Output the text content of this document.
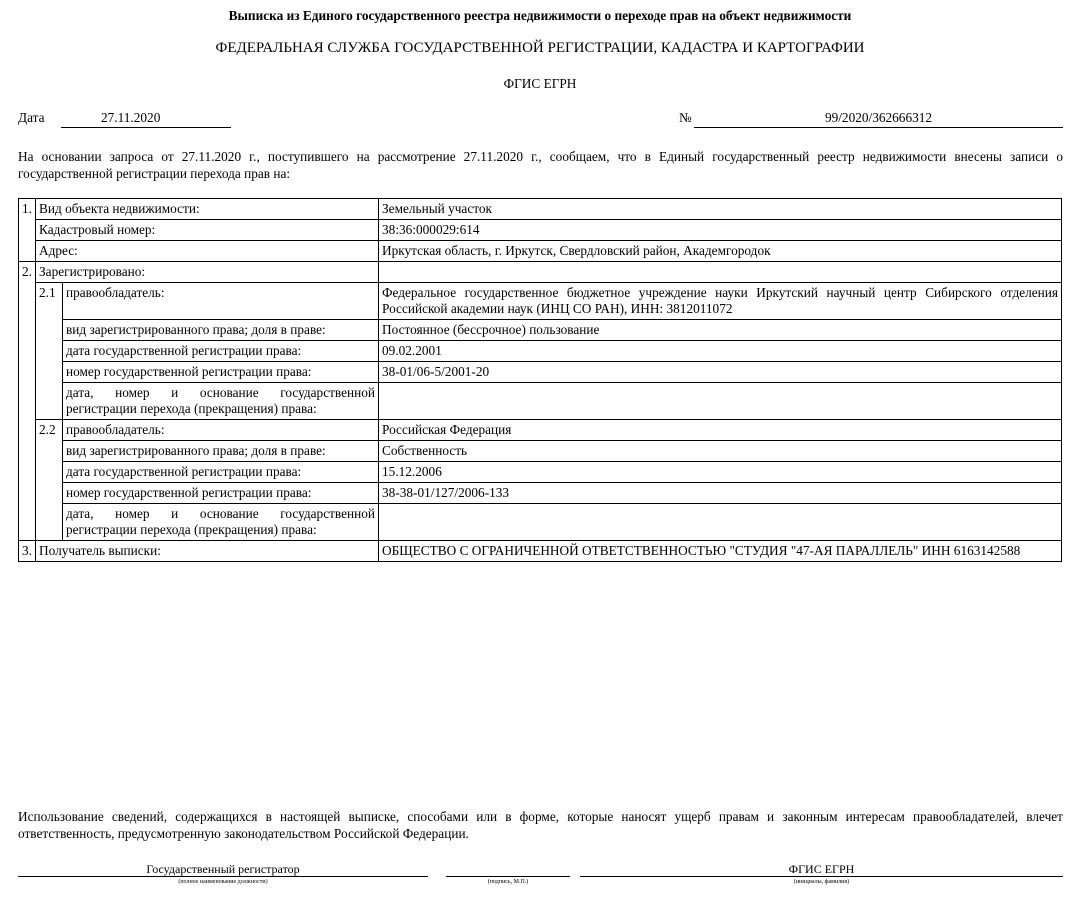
Выписка из Единого государственного реестра недвижимости о переходе прав на объект недвижимости
ФЕДЕРАЛЬНАЯ СЛУЖБА ГОСУДАРСТВЕННОЙ РЕГИСТРАЦИИ, КАДАСТРА И КАРТОГРАФИИ
ФГИС ЕГРН
Дата	27.11.2020	№	99/2020/362666312
На основании запроса от 27.11.2020 г., поступившего на рассмотрение 27.11.2020 г., сообщаем, что в Единый государственный реестр недвижимости внесены записи о государственной регистрации перехода прав на:
1.	Вид объекта недвижимости:		Земельный участок
	Кадастровый номер:		38:36:000029:614
	Адрес:		Иркутская область, г. Иркутск, Свердловский район, Академгородок
2.	Зарегистрировано:		
	2.1	правообладатель:	Федеральное государственное бюджетное учреждение науки Иркутский научный центр Сибирского отделения Российской академии наук (ИНЦ СО РАН), ИНН: 3812011072
		вид зарегистрированного права; доля в праве:	Постоянное (бессрочное) пользование
		дата государственной регистрации права:	09.02.2001
		номер государственной регистрации права:	38-01/06-5/2001-20
		дата, номер и основание государственной регистрации перехода (прекращения) права:	
	2.2	правообладатель:	Российская Федерация
		вид зарегистрированного права; доля в праве:	Собственность
		дата государственной регистрации права:	15.12.2006
		номер государственной регистрации права:	38-38-01/127/2006-133
		дата, номер и основание государственной регистрации перехода (прекращения) права:	
3.	Получатель выписки:		ОБЩЕСТВО С ОГРАНИЧЕННОЙ ОТВЕТСТВЕННОСТЬЮ "СТУДИЯ "47-АЯ ПАРАЛЛЕЛЬ" ИНН 6163142588
Использование сведений, содержащихся в настоящей выписке, способами или в форме, которые наносят ущерб правам и законным интересам правообладателей, влечет ответственность, предусмотренную законодательством Российской Федерации.
Государственный регистратор
(полное наименование должности)	(подпись, М.П.)
ФГИС ЕГРН
(инициалы, фамилия)
